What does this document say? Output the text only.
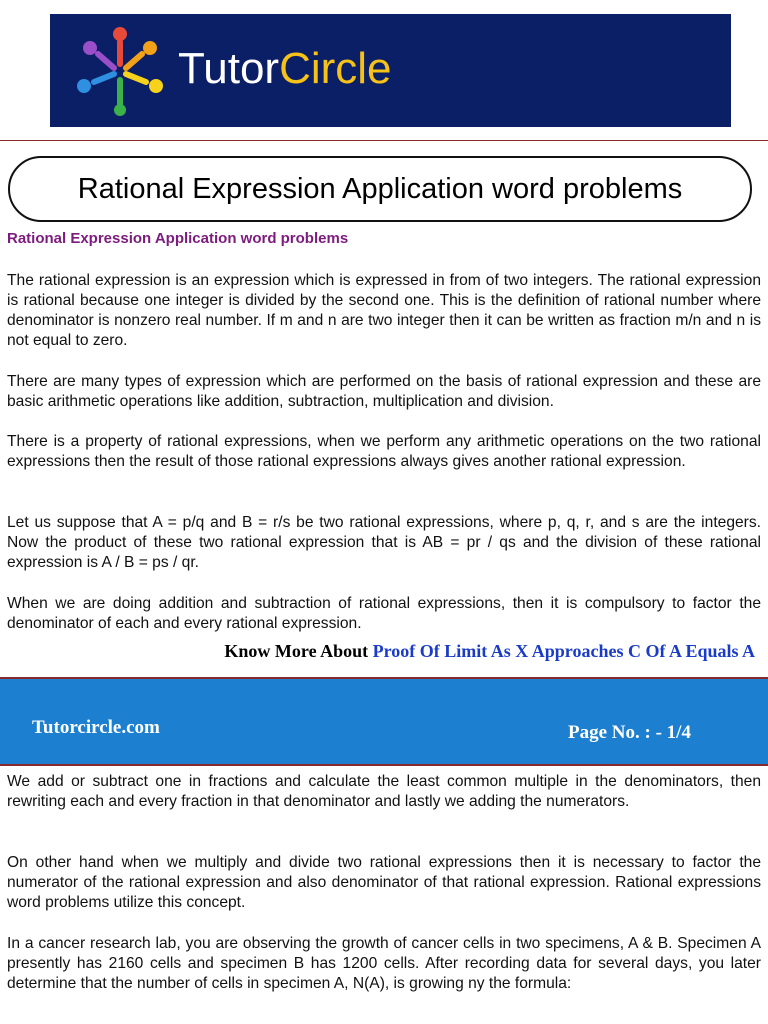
TutorCircle
Rational Expression Application word problems
Rational Expression Application word problems
The rational expression is an expression which is expressed in from of two integers. The rational expression is rational because one integer is divided by the second one. This is the definition of rational number where denominator is nonzero real number. If m and n are two integer then it can be written as fraction m/n and n is not equal to zero.
There are many types of expression which are performed on the basis of rational expression and these are basic arithmetic operations like addition, subtraction, multiplication and division.
There is a property of rational expressions, when we perform any arithmetic operations on the two rational expressions then the result of those rational expressions always gives another rational expression.
Let us suppose that A = p/q and B = r/s be two rational expressions, where p, q, r, and s are the integers. Now the product of these two rational expression that is AB = pr / qs and the division of these rational expression is A / B = ps / qr.
When we are doing addition and subtraction of rational expressions, then it is compulsory to factor the denominator of each and every rational expression.
Know More About Proof Of Limit As X Approaches C Of A Equals A
Tutorcircle.com	Page No. : - 1/4
We add or subtract one in fractions and calculate the least common multiple in the denominators, then rewriting each and every fraction in that denominator and lastly we adding the numerators.
On other hand when we multiply and divide two rational expressions then it is necessary to factor the numerator of the rational expression and also denominator of that rational expression. Rational expressions word problems utilize this concept.
In a cancer research lab, you are observing the growth of cancer cells in two specimens, A & B. Specimen A presently has 2160 cells and specimen B has 1200 cells. After recording data for several days, you later determine that the number of cells in specimen A, N(A), is growing ny the formula:
